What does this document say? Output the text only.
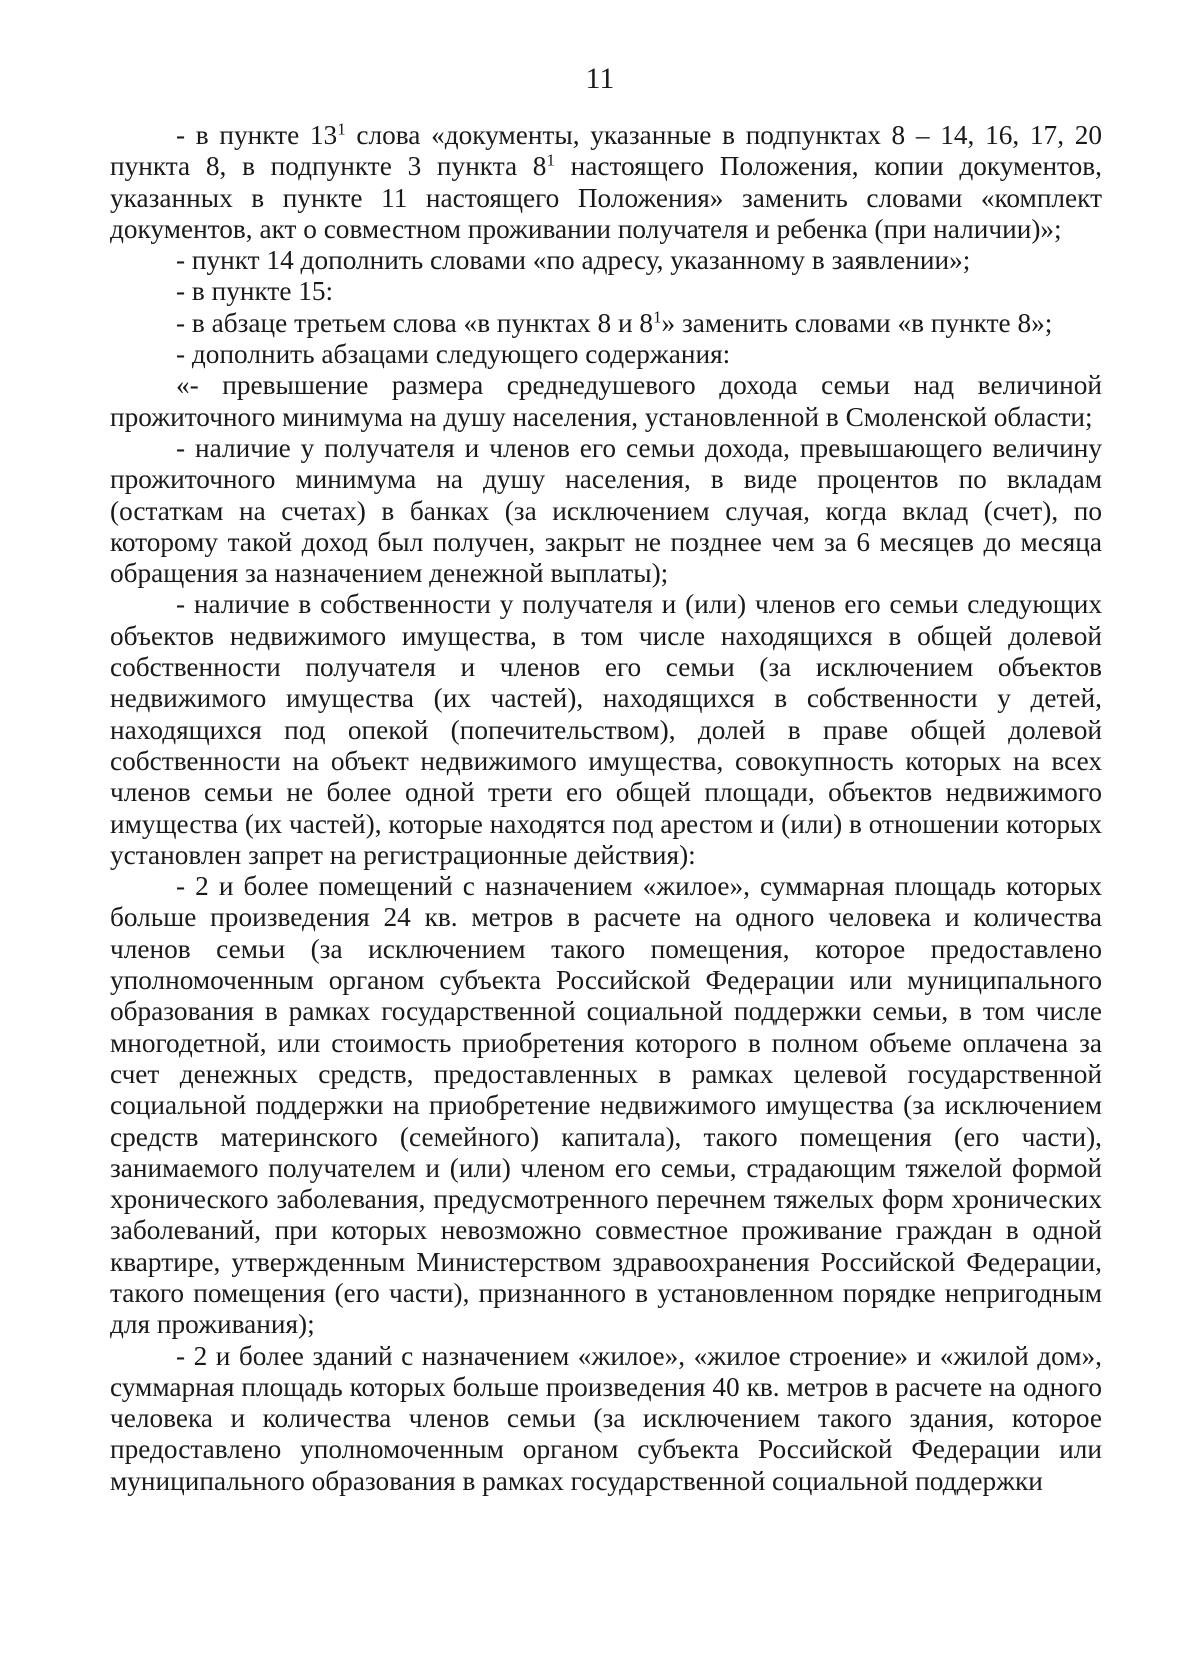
11

- в пункте $13^1$ слова «документы, указанные в подпунктах 8 – 14, 16, 17, 20 пункта 8, в подпункте 3 пункта $8^1$ настоящего Положения, копии документов, указанных в пункте 11 настоящего Положения» заменить словами «комплект документов, акт о совместном проживании получателя и ребенка (при наличии)»;

- пункт 14 дополнить словами «по адресу, указанному в заявлении»;

- в пункте 15:

- в абзаце третьем слова «в пунктах 8 и $8^1$» заменить словами «в пункте 8»;

- дополнить абзацами следующего содержания:

«- превышение размера среднедушевого дохода семьи над величиной прожиточного минимума на душу населения, установленной в Смоленской области;

- наличие у получателя и членов его семьи дохода, превышающего величину прожиточного минимума на душу населения, в виде процентов по вкладам (остаткам на счетах) в банках (за исключением случая, когда вклад (счет), по которому такой доход был получен, закрыт не позднее чем за 6 месяцев до месяца обращения за назначением денежной выплаты);

- наличие в собственности у получателя и (или) членов его семьи следующих объектов недвижимого имущества, в том числе находящихся в общей долевой собственности получателя и членов его семьи (за исключением объектов недвижимого имущества (их частей), находящихся в собственности у детей, находящихся под опекой (попечительством), долей в праве общей долевой собственности на объект недвижимого имущества, совокупность которых на всех членов семьи не более одной трети его общей площади, объектов недвижимого имущества (их частей), которые находятся под арестом и (или) в отношении которых установлен запрет на регистрационные действия):

- 2 и более помещений с назначением «жилое», суммарная площадь которых больше произведения 24 кв. метров в расчете на одного человека и количества членов семьи (за исключением такого помещения, которое предоставлено уполномоченным органом субъекта Российской Федерации или муниципального образования в рамках государственной социальной поддержки семьи, в том числе многодетной, или стоимость приобретения которого в полном объеме оплачена за счет денежных средств, предоставленных в рамках целевой государственной социальной поддержки на приобретение недвижимого имущества (за исключением средств материнского (семейного) капитала), такого помещения (его части), занимаемого получателем и (или) членом его семьи, страдающим тяжелой формой хронического заболевания, предусмотренного перечнем тяжелых форм хронических заболеваний, при которых невозможно совместное проживание граждан в одной квартире, утвержденным Министерством здравоохранения Российской Федерации, такого помещения (его части), признанного в установленном порядке непригодным для проживания);

- 2 и более зданий с назначением «жилое», «жилое строение» и «жилой дом», суммарная площадь которых больше произведения 40 кв. метров в расчете на одного человека и количества членов семьи (за исключением такого здания, которое предоставлено уполномоченным органом субъекта Российской Федерации или муниципального образования в рамках государственной социальной поддержки
